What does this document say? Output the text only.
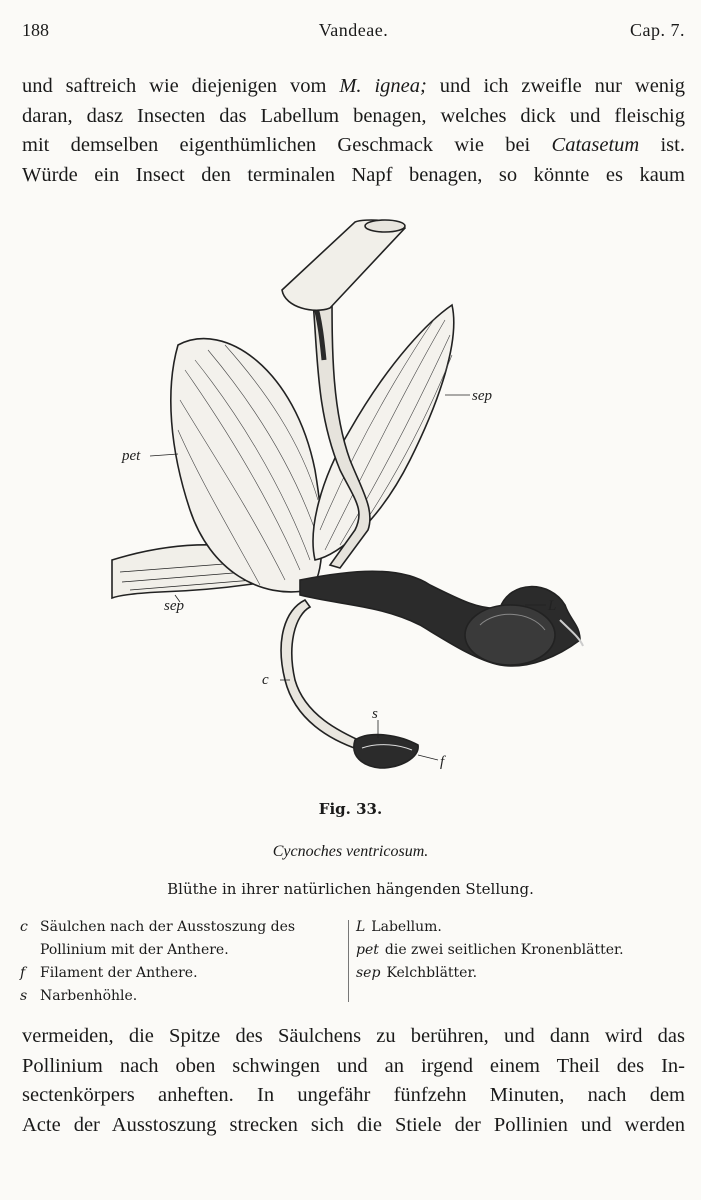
188	Vandeae.	Cap. 7.
und saftreich wie diejenigen vom M. ignea; und ich zweifle nur wenig
daran, dasz Insecten das Labellum benagen, welches dick und fleischig
mit demselben eigenthümlichen Geschmack wie bei Catasetum ist.
Würde ein Insect den terminalen Napf benagen, so könnte es kaum
pet
sep
sep	L
c
s
f
Fig. 33.
Cycnoches ventricosum.
Blüthe in ihrer natürlichen hängenden Stellung.
c Säulchen nach der Ausstoszung des
Pollinium mit der Anthere.
f	Filament der Anthere.
s Narbenhöhle.
L Labellum.
pet die zwei seitlichen Kronenblätter.
sep Kelchblätter.
vermeiden, die Spitze des Säulchens zu berühren, und dann wird das
Pollinium nach oben schwingen und an irgend einem Theil des In-
sectenkörpers anheften. In ungefähr fünfzehn Minuten, nach dem
Acte der Ausstoszung strecken sich die Stiele der Pollinien und werden
